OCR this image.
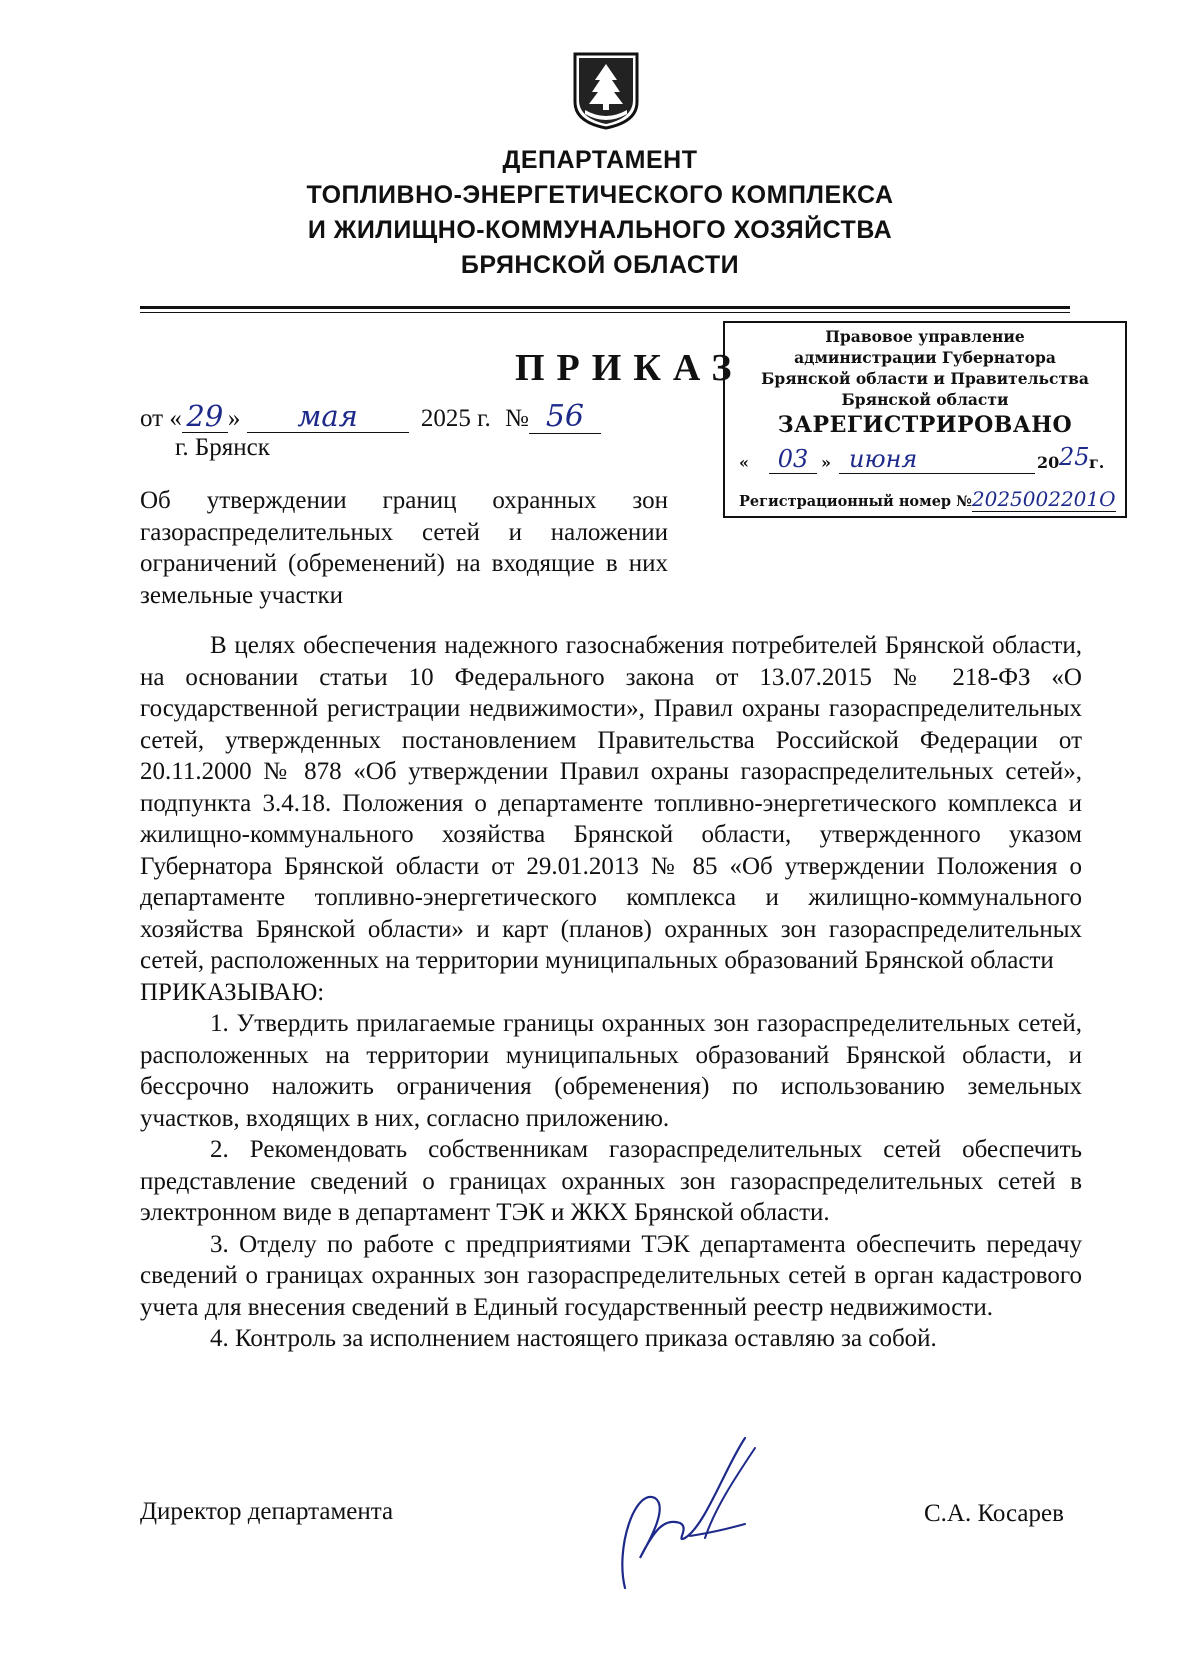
ДЕПАРТАМЕНТ
ТОПЛИВНО-ЭНЕРГЕТИЧЕСКОГО КОМПЛЕКСА
И ЖИЛИЩНО-КОММУНАЛЬНОГО ХОЗЯЙСТВА
БРЯНСКОЙ ОБЛАСТИ
ПРИКАЗ
от « 29 » мая	2025 г. № 56
г. Брянск
Правовое управление
администрации Губернатора
Брянской области и Правительства
Брянской области
ЗАРЕГИСТРИРОВАНО
«	03 » июня	20 25 г.
Регистрационный номер №2025002201O
Об утверждении границ охранных зон газораспределительных сетей и наложении ограничений (обременений) на входящие в них земельные участки

В целях обеспечения надежного газоснабжения потребителей Брянской области, на основании статьи 10 Федерального закона от 13.07.2015 № 218-ФЗ «О государственной регистрации недвижимости», Правил охраны газораспределительных сетей, утвержденных постановлением Правительства Российской Федерации от 20.11.2000 № 878 «Об утверждении Правил охраны газораспределительных сетей», подпункта 3.4.18. Положения о департаменте топливно-энергетического комплекса и жилищно-коммунального хозяйства Брянской области, утвержденного указом Губернатора Брянской области от 29.01.2013 № 85 «Об утверждении Положения о департаменте топливно-энергетического комплекса и жилищно-коммунального хозяйства Брянской области» и карт (планов) охранных зон газораспределительных сетей, расположенных на территории муниципальных образований Брянской области

ПРИКАЗЫВАЮ:

1. Утвердить прилагаемые границы охранных зон газораспределительных сетей, расположенных на территории муниципальных образований Брянской области, и бессрочно наложить ограничения (обременения) по использованию земельных участков, входящих в них, согласно приложению.

2. Рекомендовать собственникам газораспределительных сетей обеспечить представление сведений о границах охранных зон газораспределительных сетей в электронном виде в департамент ТЭК и ЖКХ Брянской области.

3. Отделу по работе с предприятиями ТЭК департамента обеспечить передачу сведений о границах охранных зон газораспределительных сетей в орган кадастрового учета для внесения сведений в Единый государственный реестр недвижимости.

4. Контроль за исполнением настоящего приказа оставляю за собой.

Директор департамента	С.А. Косарев
